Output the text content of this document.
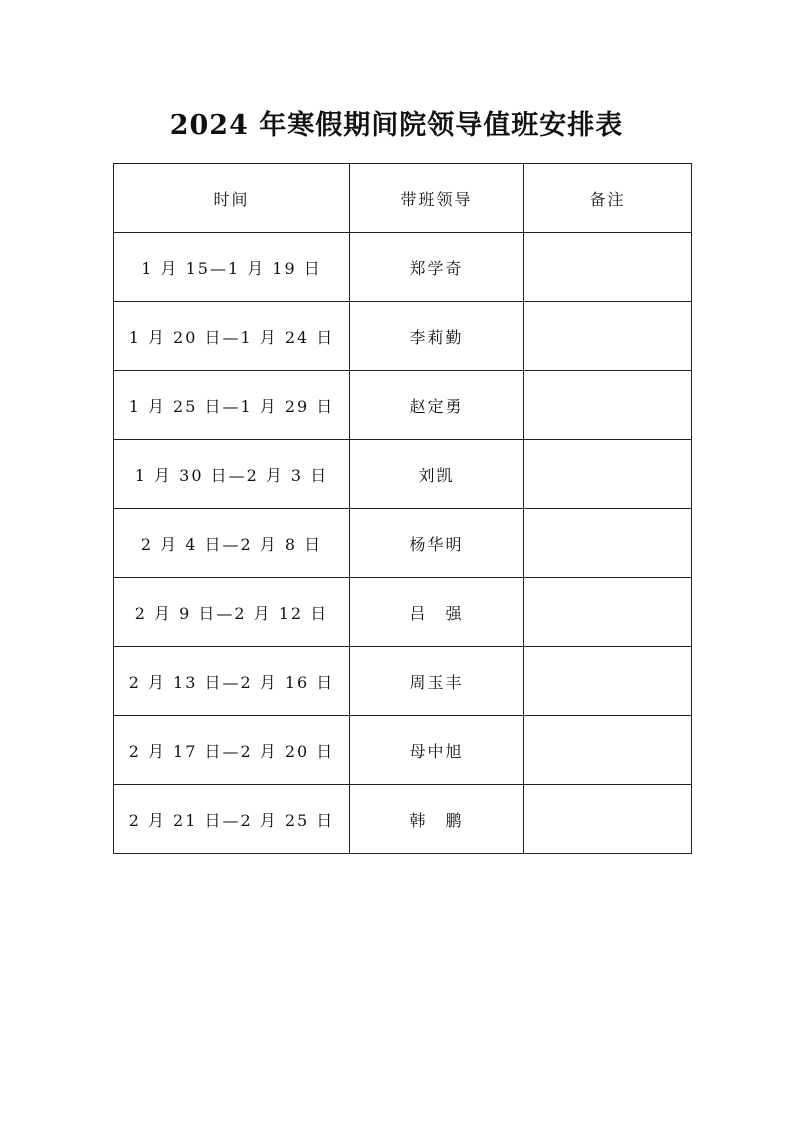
2024 年寒假期间院领导值班安排表
时间	带班领导	备注
1 月 15—1 月 19 日	郑学奇	
1 月 20 日—1 月 24 日	李莉勤	
1 月 25 日—1 月 29 日	赵定勇	
1 月 30 日—2 月 3 日	刘凯	
2 月 4 日—2 月 8 日	杨华明	
2 月 9 日—2 月 12 日	吕　强	
2 月 13 日—2 月 16 日	周玉丰	
2 月 17 日—2 月 20 日	母中旭	
2 月 21 日—2 月 25 日	韩　鹏	
